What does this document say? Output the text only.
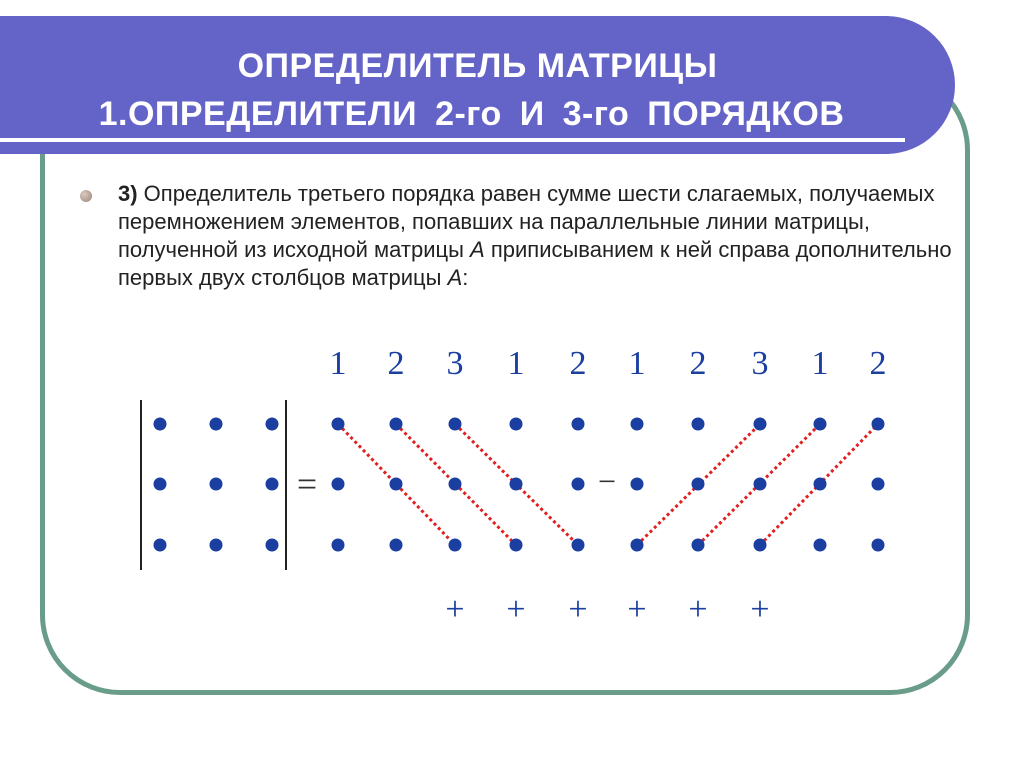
ОПРЕДЕЛИТЕЛЬ МАТРИЦЫ
1.ОПРЕДЕЛИТЕЛИ 2-го И 3-го ПОРЯДКОВ
3) Определитель третьего порядка равен сумме шести слагаемых, получаемых перемножением элементов, попавших на параллельные линии матрицы, полученной из исходной матрицы A приписыванием к ней справа дополнительно первых двух столбцов матрицы A:
1 2 3 1 2 1 2 3 1 2
=	−
+ + + + + +
